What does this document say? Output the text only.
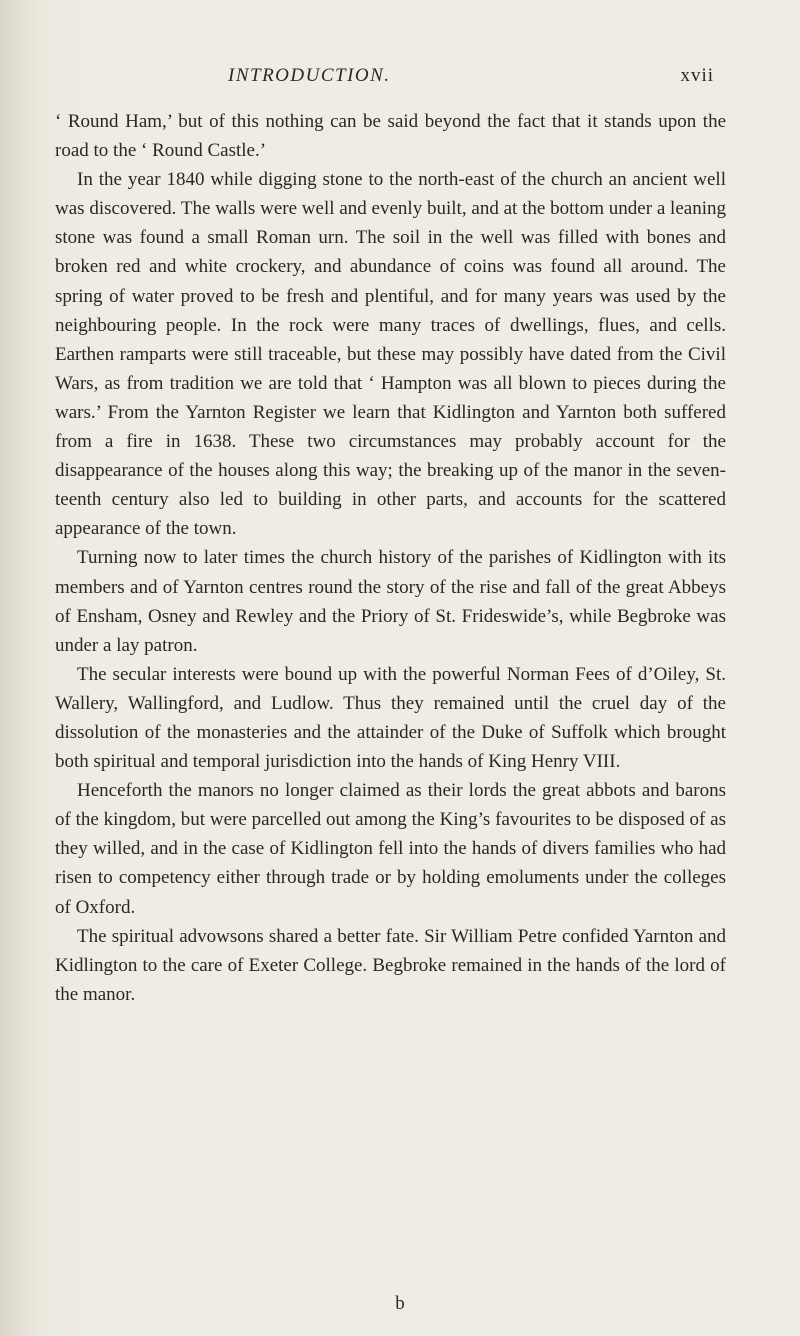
INTRODUCTION.	xvii

‘ Round Ham,’ but of this nothing can be said beyond the fact that it stands upon the road to the ‘ Round Castle.’

In the year 1840 while digging stone to the north-east of the church an ancient well was discovered. The walls were well and evenly built, and at the bottom under a leaning stone was found a small Roman urn. The soil in the well was filled with bones and broken red and white crockery, and abundance of coins was found all around. The spring of water proved to be fresh and plentiful, and for many years was used by the neighbouring people. In the rock were many traces of dwellings, flues, and cells. Earthen ramparts were still traceable, but these may possibly have dated from the Civil Wars, as from tradition we are told that ‘ Hampton was all blown to pieces during the wars.’ From the Yarnton Register we learn that Kidlington and Yarnton both suffered from a fire in 1638. These two circumstances may probably account for the disappearance of the houses along this way; the breaking up of the manor in the seven-teenth century also led to building in other parts, and accounts for the scattered appearance of the town.

Turning now to later times the church history of the parishes of Kidlington with its members and of Yarnton centres round the story of the rise and fall of the great Abbeys of Ensham, Osney and Rewley and the Priory of St. Frideswide’s, while Begbroke was under a lay patron.

The secular interests were bound up with the powerful Norman Fees of d’Oiley, St. Wallery, Wallingford, and Ludlow. Thus they remained until the cruel day of the dissolution of the monasteries and the attainder of the Duke of Suffolk which brought both spiritual and temporal jurisdiction into the hands of King Henry VIII.

Henceforth the manors no longer claimed as their lords the great abbots and barons of the kingdom, but were parcelled out among the King’s favourites to be disposed of as they willed, and in the case of Kidlington fell into the hands of divers families who had risen to competency either through trade or by holding emoluments under the colleges of Oxford.

The spiritual advowsons shared a better fate. Sir William Petre confided Yarnton and Kidlington to the care of Exeter College. Begbroke remained in the hands of the lord of the manor.

b
